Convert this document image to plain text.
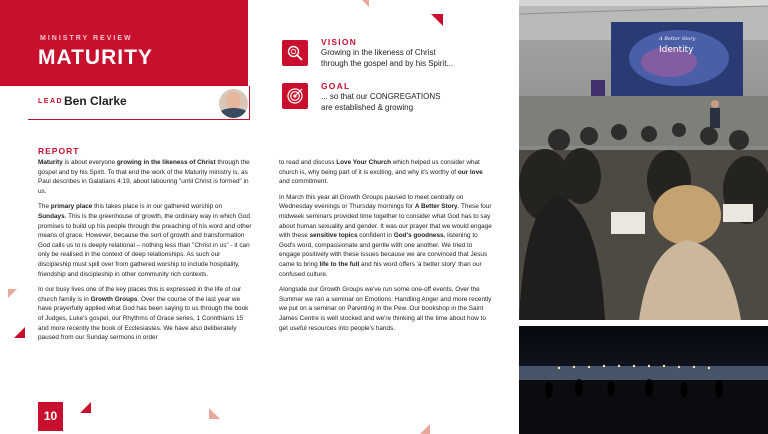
MINISTRY REVIEW
MATURITY
LEAD Ben Clarke
VISION
Growing in the likeness of Christ
through the gospel and by his Spirit...
GOAL
... so that our CONGREGATIONS
are established & growing
REPORT

Maturity is about everyone growing in the likeness of Christ through the gospel and by his Spirit. To that end the work of the Maturity ministry is, as Paul describes in Galatians 4:19, about labouring "until Christ is formed" in us.

The primary place this takes place is in our gathered worship on Sundays. This is the greenhouse of growth, the ordinary way in which God promises to build up his people through the preaching of his word and other means of grace. However, because the sort of growth and transformation God calls us to is deeply relational – nothing less than "Christ in us" - it can only be realised in the context of deep relationships. As such our discipleship must spill over from gathered worship to include hospitality, friendship and discipleship in other community rich contexts.

In our busy lives one of the key places this is expressed in the life of our church family is in Growth Groups. Over the course of the last year we have prayerfully applied what God has been saying to us through the book of Judges, Luke's gospel, our Rhythms of Grace series, 1 Corinthians 15 and more recently the book of Ecclesiastes. We have also deliberately paused from our Sunday sermons in order

to read and discuss Love Your Church which helped us consider what church is, why being part of it is exciting, and why it's worthy of our love and commitment.

In March this year all Growth Groups paused to meet centrally on Wednesday evenings or Thursday mornings for A Better Story. These four midweek seminars provided time together to consider what God has to say about human sexuality and gender. It was our prayer that we would engage with these sensitive topics confident in God's goodness, listening to God's word, compassionate and gentle with one another. We tried to engage positively with these issues because we are convinced that Jesus came to bring life to the full and his word offers 'a better story' than our confused culture.

Alongside our Growth Groups we've run some one-off events. Over the Summer we ran a seminar on Emotions: Handling Anger and more recently we put on a seminar on Parenting in the Pew. Our bookshop in the Saint James Centre is well stocked and we're thinking all the time about how to get useful resources into people's hands.

10
A Better Story
Identity
